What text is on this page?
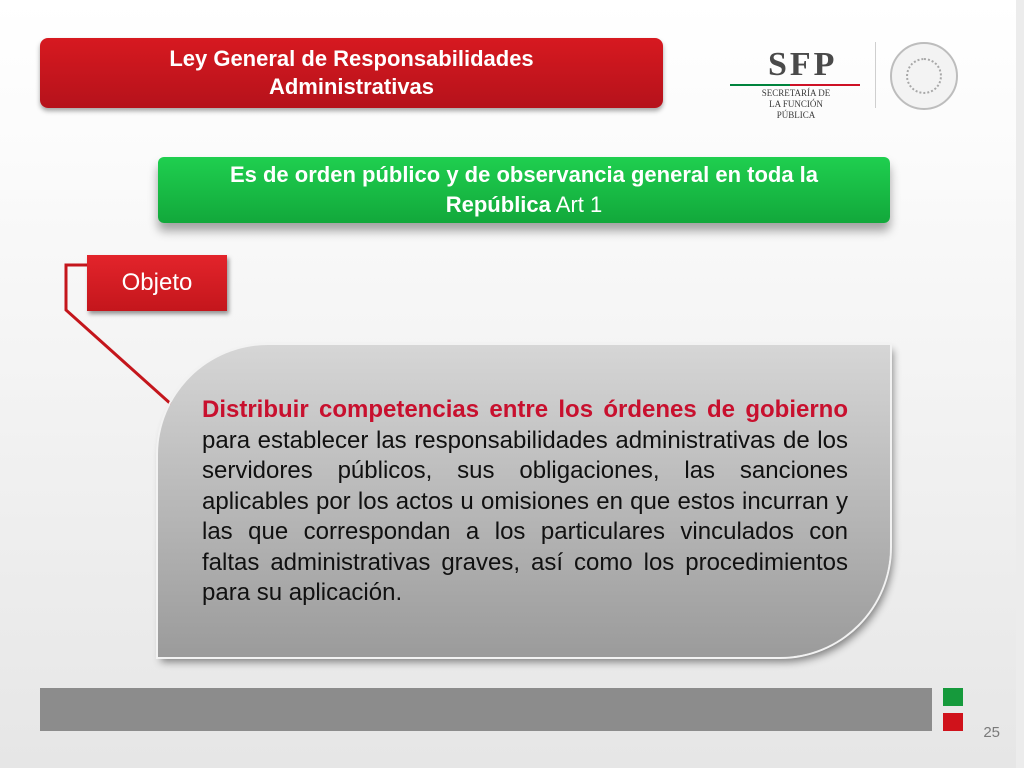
Ley General de Responsabilidades
Administrativas
SFP
SECRETARÍA DE
LA FUNCIÓN PÚBLICA
Es de orden público y de observancia general en toda la
República Art 1
Objeto
Distribuir competencias entre los órdenes de gobierno para establecer las responsabilidades administrativas de los servidores públicos, sus obligaciones, las sanciones aplicables por los actos u omisiones en que estos incurran y las que correspondan a los particulares vinculados con faltas administrativas graves, así como los procedimientos para su aplicación.
25
